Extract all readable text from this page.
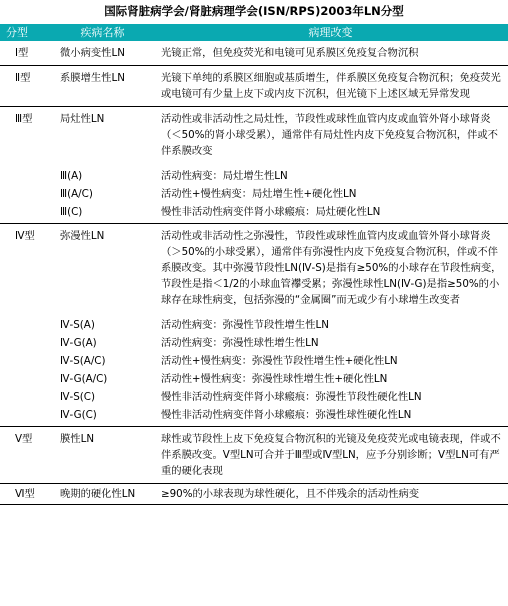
国际肾脏病学会/肾脏病理学会(ISN/RPS)2003年LN分型
分型	疾病名称	病理改变
Ⅰ型	微小病变性LN	光镜正常，但免疫荧光和电镜可见系膜区免疫复合物沉积
Ⅱ型	系膜增生性LN	光镜下单纯的系膜区细胞或基质增生，伴系膜区免疫复合物沉积；免疫荧光或电镜可有少量上皮下或内皮下沉积，但光镜下上述区域无异常发现
Ⅲ型	局灶性LN	活动性或非活动性之局灶性，节段性或球性血管内皮或血管外肾小球肾炎（＜50%的肾小球受累），通常伴有局灶性内皮下免疫复合物沉积，伴或不伴系膜改变
	Ⅲ(A)	活动性病变：局灶增生性LN
	Ⅲ(A/C)	活动性+慢性病变：局灶增生性+硬化性LN
	Ⅲ(C)	慢性非活动性病变伴肾小球瘢痕：局灶硬化性LN
Ⅳ型	弥漫性LN	活动性或非活动性之弥漫性，节段性或球性血管内皮或血管外肾小球肾炎（＞50%的小球受累），通常伴有弥漫性内皮下免疫复合物沉积，伴或不伴系膜改变。其中弥漫节段性LN(Ⅳ-S)是指有≥50%的小球存在节段性病变，节段性是指＜1/2的小球血管襻受累；弥漫性球性LN(Ⅳ-G)是指≥50%的小球存在球性病变，包括弥漫的“金属圈”而无或少有小球增生改变者
	Ⅳ-S(A)	活动性病变：弥漫性节段性增生性LN
	Ⅳ-G(A)	活动性病变：弥漫性球性增生性LN
	Ⅳ-S(A/C)	活动性+慢性病变：弥漫性节段性增生性+硬化性LN
	Ⅳ-G(A/C)	活动性+慢性病变：弥漫性球性增生性+硬化性LN
	Ⅳ-S(C)	慢性非活动性病变伴肾小球瘢痕：弥漫性节段性硬化性LN
	Ⅳ-G(C)	慢性非活动性病变伴肾小球瘢痕：弥漫性球性硬化性LN
Ⅴ型	膜性LN	球性或节段性上皮下免疫复合物沉积的光镜及免疫荧光或电镜表现，伴或不伴系膜改变。Ⅴ型LN可合并于Ⅲ型或Ⅳ型LN，应予分别诊断；Ⅴ型LN可有严重的硬化表现
Ⅵ型	晚期的硬化性LN	≥90%的小球表现为球性硬化，且不伴残余的活动性病变
